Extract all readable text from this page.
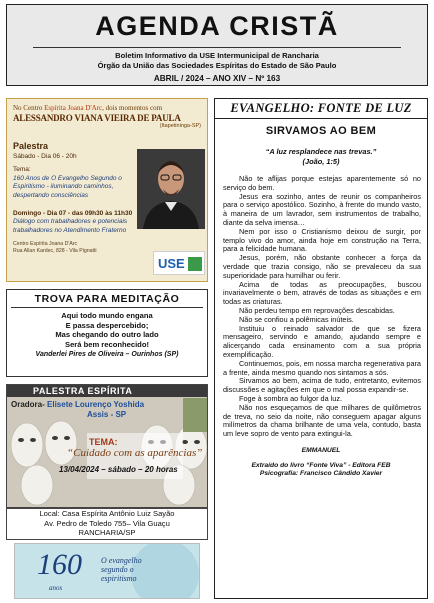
AGENDA CRISTÃ
Boletim Informativo da USE Intermunicipal de Rancharia
Órgão da União das Sociedades Espíritas do Estado de São Paulo
ABRIL / 2024 – ANO XIV – Nº 163
No Centro Espírita Joana D'Arc, dois momentos com
ALESSANDRO VIANA VIEIRA DE PAULA
(Itapetininga-SP)
Palestra
Sábado - Dia 06 - 20h
Tema:
160 Anos de O Evangelho Segundo o Espiritismo - iluminando caminhos, despertando consciências
Domingo - Dia 07 - das 09h30 às 11h30
Diálogo com trabalhadores e potenciais trabalhadores no Atendimento Fraterno
Centro Espírita Joana D'Arc
Rua Allan Kardec, 828 - Vila Pignatti
USE
TROVA PARA MEDITAÇÃO
Aqui todo mundo engana
E passa despercebido;
Mas chegando do outro lado
Será bem reconhecido!
Vanderlei Pires de Oliveira – Ourinhos (SP)
PALESTRA ESPÍRITA
Oradora- Elisete Lourenço Yoshida
Assis - SP
TEMA:
“Cuidado com as aparências”
13/04/2024 – sábado – 20 horas
Local: Casa Espírita Antônio Luiz Sayão
Av. Pedro de Toledo 755– Vila Guaçu
RANCHARIA/SP
160
anos
O evangelho
segundo o
espiritismo
EVANGELHO: FONTE DE LUZ
SIRVAMOS AO BEM
“A luz resplandece nas trevas.”
(João, 1:5)

Não te aflijas porque estejas aparentemente só no serviço do bem.

Jesus era sozinho, antes de reunir os companheiros para o serviço apostólico. Sozinho, à frente do mundo vasto, à maneira de um lavrador, sem instrumentos de trabalho, diante da selva imensa…

Nem por isso o Cristianismo deixou de surgir, por templo vivo do amor, ainda hoje em construção na Terra, para a felicidade humana.

Jesus, porém, não obstante conhecer a força da verdade que trazia consigo, não se prevaleceu da sua superioridade para humilhar ou ferir.

Acima de todas as preocupações, buscou invariavelmente o bem, através de todas as situações e em todas as criaturas.

Não perdeu tempo em reprovações descabidas.

Não se confiou a polêmicas inúteis.

Instituiu o reinado salvador de que se fizera mensageiro, servindo e amando, ajudando sempre e alicerçando cada ensinamento com a sua própria exemplificação.

Continuemos, pois, em nossa marcha regenerativa para a frente, ainda mesmo quando nos sintamos a sós.

Sirvamos ao bem, acima de tudo, entretanto, evitemos discussões e agitações em que o mal possa expandir-se.

Foge à sombra ao fulgor da luz.

Não nos esqueçamos de que milhares de quilômetros de treva, no seio da noite, não conseguem apagar alguns milímetros da chama brilhante de uma vela, contudo, basta um leve sopro de vento para extingui-la.

EMMANUEL
Extraído do livro “Fonte Viva” - Editora FEB
Psicografia: Francisco Cândido Xavier
